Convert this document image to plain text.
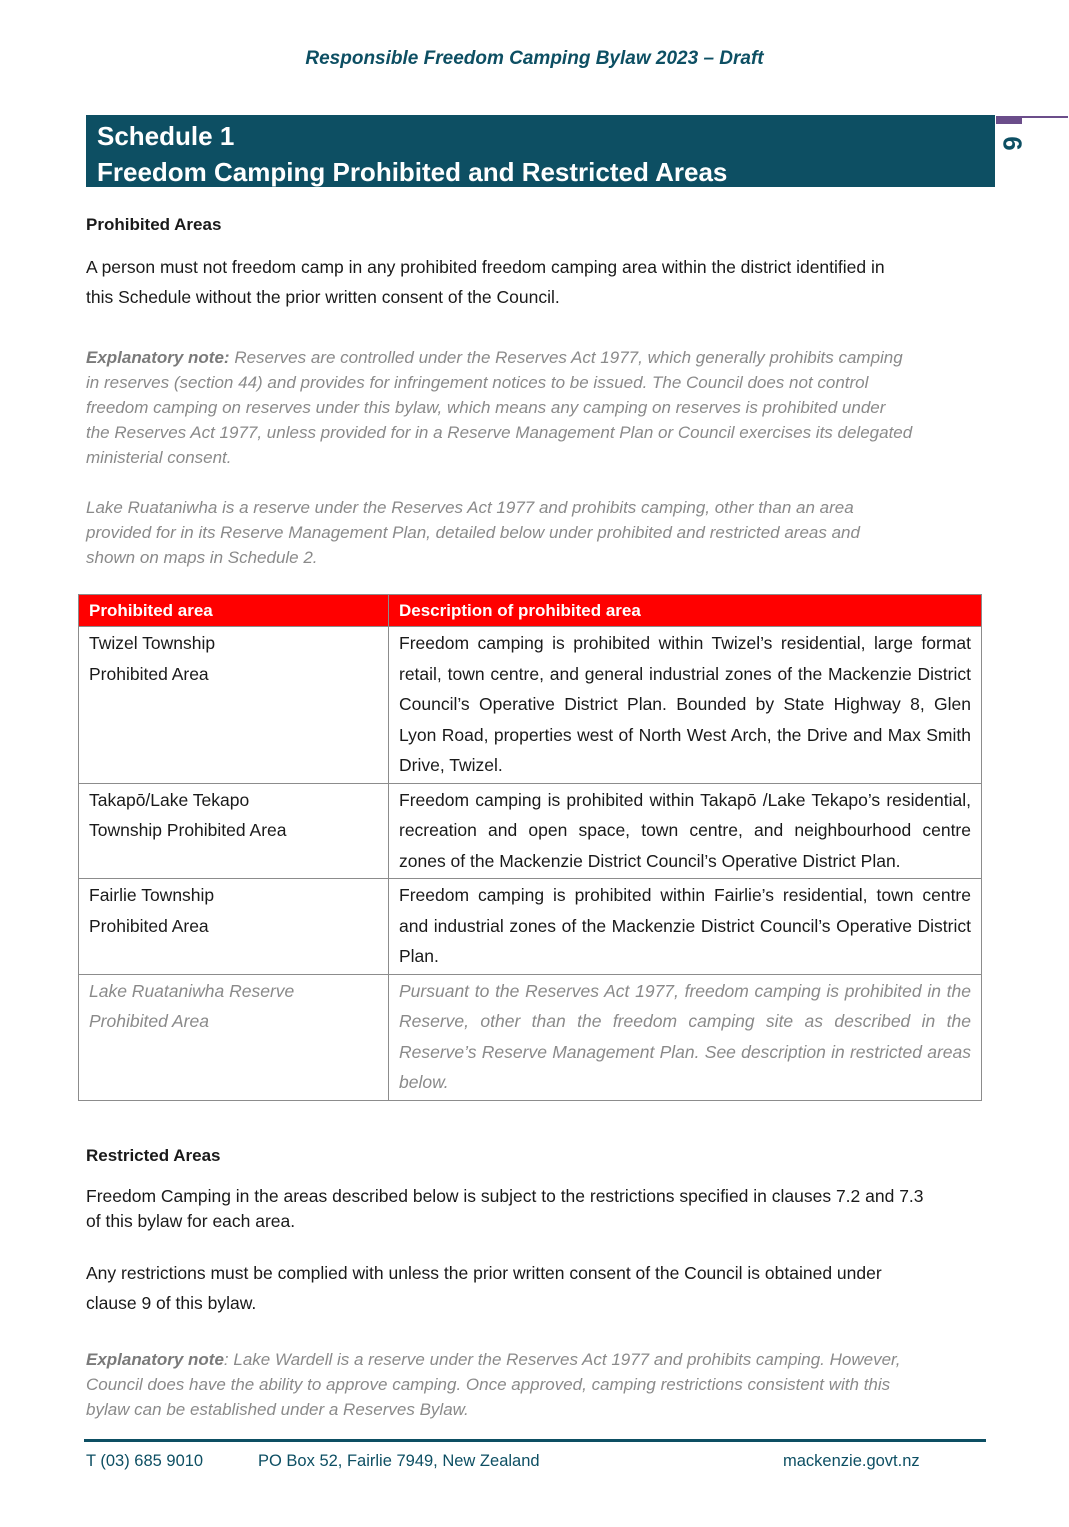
Responsible Freedom Camping Bylaw 2023 – Draft
Schedule 1
Freedom Camping Prohibited and Restricted Areas
6
Prohibited Areas
A person must not freedom camp in any prohibited freedom camping area within the district identified in
this Schedule without the prior written consent of the Council.
Explanatory note: Reserves are controlled under the Reserves Act 1977, which generally prohibits camping
in reserves (section 44) and provides for infringement notices to be issued. The Council does not control
freedom camping on reserves under this bylaw, which means any camping on reserves is prohibited under
the Reserves Act 1977, unless provided for in a Reserve Management Plan or Council exercises its delegated
ministerial consent.
Lake Ruataniwha is a reserve under the Reserves Act 1977 and prohibits camping, other than an area
provided for in its Reserve Management Plan, detailed below under prohibited and restricted areas and
shown on maps in Schedule 2.
Prohibited area	Description of prohibited area

Twizel Township
Prohibited Area	Freedom camping is prohibited within Twizel’s residential, large format retail, town centre, and general industrial zones of the Mackenzie District Council’s Operative District Plan. Bounded by State Highway 8, Glen Lyon Road, properties west of North West Arch, the Drive and Max Smith Drive, Twizel.

Takapō/Lake Tekapo
Township Prohibited Area	Freedom camping is prohibited within Takapō /Lake Tekapo’s residential, recreation and open space, town centre, and neighbourhood centre zones of the Mackenzie District Council’s Operative District Plan.

Fairlie Township
Prohibited Area	Freedom camping is prohibited within Fairlie’s residential, town centre and industrial zones of the Mackenzie District Council’s Operative District Plan.

Lake Ruataniwha Reserve
Prohibited Area	Pursuant to the Reserves Act 1977, freedom camping is prohibited in the Reserve, other than the freedom camping site as described in the Reserve’s Reserve Management Plan. See description in restricted areas below.
Restricted Areas
Freedom Camping in the areas described below is subject to the restrictions specified in clauses 7.2 and 7.3
of this bylaw for each area.
Any restrictions must be complied with unless the prior written consent of the Council is obtained under
clause 9 of this bylaw.
Explanatory note: Lake Wardell is a reserve under the Reserves Act 1977 and prohibits camping. However,
Council does have the ability to approve camping. Once approved, camping restrictions consistent with this
bylaw can be established under a Reserves Bylaw.
T (03) 685 9010	PO Box 52, Fairlie 7949, New Zealand	mackenzie.govt.nz
